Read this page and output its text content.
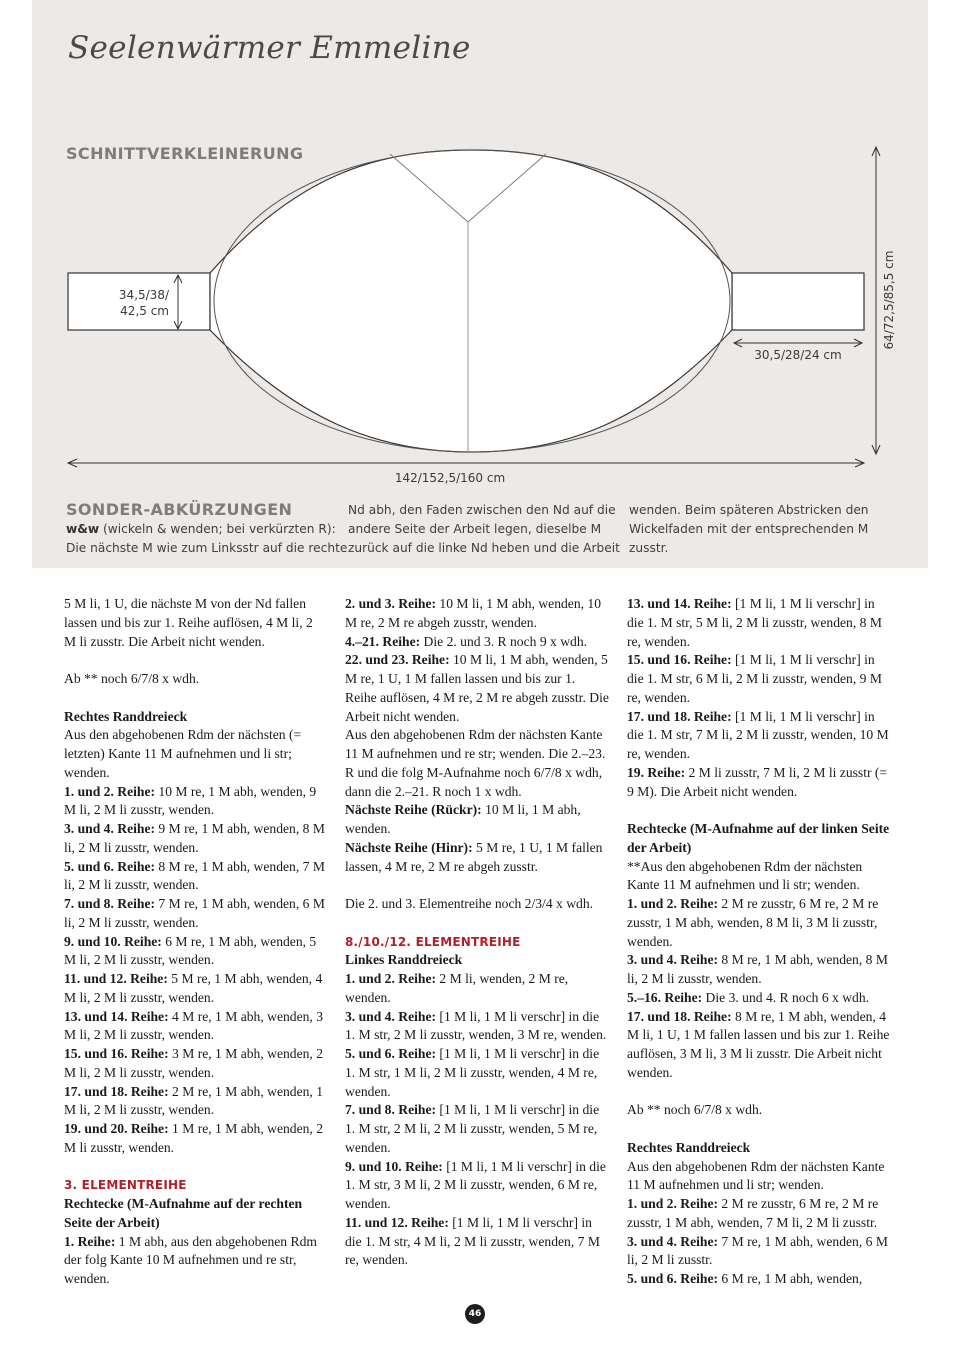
Seelenwärmer Emmeline
SCHNITTVERKLEINERUNG
34,5/38/
42,5 cm
30,5/28/24 cm
64/72,5/85,5 cm
142/152,5/160 cm
SONDER-ABKÜRZUNGEN
w&w (wickeln & wenden; bei verkürzten R):
Die nächste M wie zum Linksstr auf die rechte
Nd abh, den Faden zwischen den Nd auf die
andere Seite der Arbeit legen, dieselbe M
zurück auf die linke Nd heben und die Arbeit
wenden. Beim späteren Abstricken den
Wickelfaden mit der entsprechenden M
zusstr.

5 M li, 1 U, die nächste M von der Nd fallen lassen und bis zur 1. Reihe auflösen, 4 M li, 2 M li zusstr. Die Arbeit nicht wenden.

Ab ** noch 6/7/8 x wdh.

Rechtes Randdreieck

Aus den abgehobenen Rdm der nächsten (= letzten) Kante 11 M aufnehmen und li str; wenden.

1. und 2. Reihe: 10 M re, 1 M abh, wenden, 9 M li, 2 M li zusstr, wenden.

3. und 4. Reihe: 9 M re, 1 M abh, wenden, 8 M li, 2 M li zusstr, wenden.

5. und 6. Reihe: 8 M re, 1 M abh, wenden, 7 M li, 2 M li zusstr, wenden.

7. und 8. Reihe: 7 M re, 1 M abh, wenden, 6 M li, 2 M li zusstr, wenden.

9. und 10. Reihe: 6 M re, 1 M abh, wenden, 5 M li, 2 M li zusstr, wenden.

11. und 12. Reihe: 5 M re, 1 M abh, wenden, 4 M li, 2 M li zusstr, wenden.

13. und 14. Reihe: 4 M re, 1 M abh, wenden, 3 M li, 2 M li zusstr, wenden.

15. und 16. Reihe: 3 M re, 1 M abh, wenden, 2 M li, 2 M li zusstr, wenden.

17. und 18. Reihe: 2 M re, 1 M abh, wenden, 1 M li, 2 M li zusstr, wenden.

19. und 20. Reihe: 1 M re, 1 M abh, wenden, 2 M li zusstr, wenden.

3. ELEMENTREIHE

Rechtecke (M-Aufnahme auf der rechten Seite der Arbeit)

1. Reihe: 1 M abh, aus den abgehobenen Rdm der folg Kante 10 M aufnehmen und re str, wenden.

2. und 3. Reihe: 10 M li, 1 M abh, wenden, 10 M re, 2 M re abgeh zusstr, wenden.

4.–21. Reihe: Die 2. und 3. R noch 9 x wdh.

22. und 23. Reihe: 10 M li, 1 M abh, wenden, 5 M re, 1 U, 1 M fallen lassen und bis zur 1. Reihe auflösen, 4 M re, 2 M re abgeh zusstr. Die Arbeit nicht wenden.

Aus den abgehobenen Rdm der nächsten Kante 11 M aufnehmen und re str; wenden. Die 2.–23. R und die folg M-Aufnahme noch 6/7/8 x wdh, dann die 2.–21. R noch 1 x wdh.

Nächste Reihe (Rückr): 10 M li, 1 M abh, wenden.

Nächste Reihe (Hinr): 5 M re, 1 U, 1 M fallen lassen, 4 M re, 2 M re abgeh zusstr.

Die 2. und 3. Elementreihe noch 2/3/4 x wdh.

8./10./12. ELEMENTREIHE

Linkes Randdreieck

1. und 2. Reihe: 2 M li, wenden, 2 M re, wenden.

3. und 4. Reihe: [1 M li, 1 M li verschr] in die 1. M str, 2 M li zusstr, wenden, 3 M re, wenden.

5. und 6. Reihe: [1 M li, 1 M li verschr] in die 1. M str, 1 M li, 2 M li zusstr, wenden, 4 M re, wenden.

7. und 8. Reihe: [1 M li, 1 M li verschr] in die 1. M str, 2 M li, 2 M li zusstr, wenden, 5 M re, wenden.

9. und 10. Reihe: [1 M li, 1 M li verschr] in die 1. M str, 3 M li, 2 M li zusstr, wenden, 6 M re, wenden.

11. und 12. Reihe: [1 M li, 1 M li verschr] in die 1. M str, 4 M li, 2 M li zusstr, wenden, 7 M re, wenden.

13. und 14. Reihe: [1 M li, 1 M li verschr] in die 1. M str, 5 M li, 2 M li zusstr, wenden, 8 M re, wenden.

15. und 16. Reihe: [1 M li, 1 M li verschr] in die 1. M str, 6 M li, 2 M li zusstr, wenden, 9 M re, wenden.

17. und 18. Reihe: [1 M li, 1 M li verschr] in die 1. M str, 7 M li, 2 M li zusstr, wenden, 10 M re, wenden.

19. Reihe: 2 M li zusstr, 7 M li, 2 M li zusstr (= 9 M). Die Arbeit nicht wenden.

Rechtecke (M-Aufnahme auf der linken Seite der Arbeit)

**Aus den abgehobenen Rdm der nächsten Kante 11 M aufnehmen und li str; wenden.

1. und 2. Reihe: 2 M re zusstr, 6 M re, 2 M re zusstr, 1 M abh, wenden, 8 M li, 3 M li zusstr, wenden.

3. und 4. Reihe: 8 M re, 1 M abh, wenden, 8 M li, 2 M li zusstr, wenden.

5.–16. Reihe: Die 3. und 4. R noch 6 x wdh.

17. und 18. Reihe: 8 M re, 1 M abh, wenden, 4 M li, 1 U, 1 M fallen lassen und bis zur 1. Reihe auflösen, 3 M li, 3 M li zusstr. Die Arbeit nicht wenden.

Ab ** noch 6/7/8 x wdh.

Rechtes Randdreieck

Aus den abgehobenen Rdm der nächsten Kante 11 M aufnehmen und li str; wenden.

1. und 2. Reihe: 2 M re zusstr, 6 M re, 2 M re zusstr, 1 M abh, wenden, 7 M li, 2 M li zusstr.

3. und 4. Reihe: 7 M re, 1 M abh, wenden, 6 M li, 2 M li zusstr.

5. und 6. Reihe: 6 M re, 1 M abh, wenden,

46
